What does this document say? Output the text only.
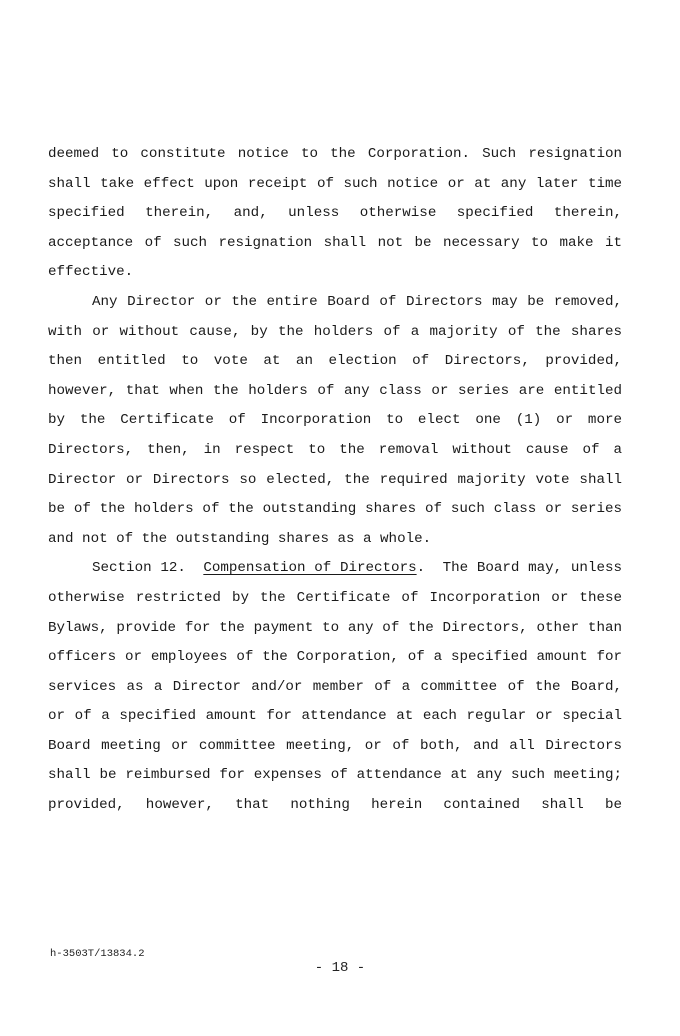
deemed to constitute notice to the Corporation. Such resignation shall take effect upon receipt of such notice or at any later time specified therein, and, unless otherwise specified therein, acceptance of such resignation shall not be necessary to make it effective.

Any Director or the entire Board of Directors may be removed, with or without cause, by the holders of a majority of the shares then entitled to vote at an election of Directors, provided, however, that when the holders of any class or series are entitled by the Certificate of Incorporation to elect one (1) or more Directors, then, in respect to the removal without cause of a Director or Directors so elected, the required majority vote shall be of the holders of the outstanding shares of such class or series and not of the outstanding shares as a whole.

Section 12. Compensation of Directors. The Board may, unless otherwise restricted by the Certificate of Incorporation or these Bylaws, provide for the payment to any of the Directors, other than officers or employees of the Corporation, of a specified amount for services as a Director and/or member of a committee of the Board, or of a specified amount for attendance at each regular or special Board meeting or committee meeting, or of both, and all Directors shall be reimbursed for expenses of attendance at any such meeting; provided, however, that nothing herein contained shall be

h-3503T/13834.2
- 18 -
